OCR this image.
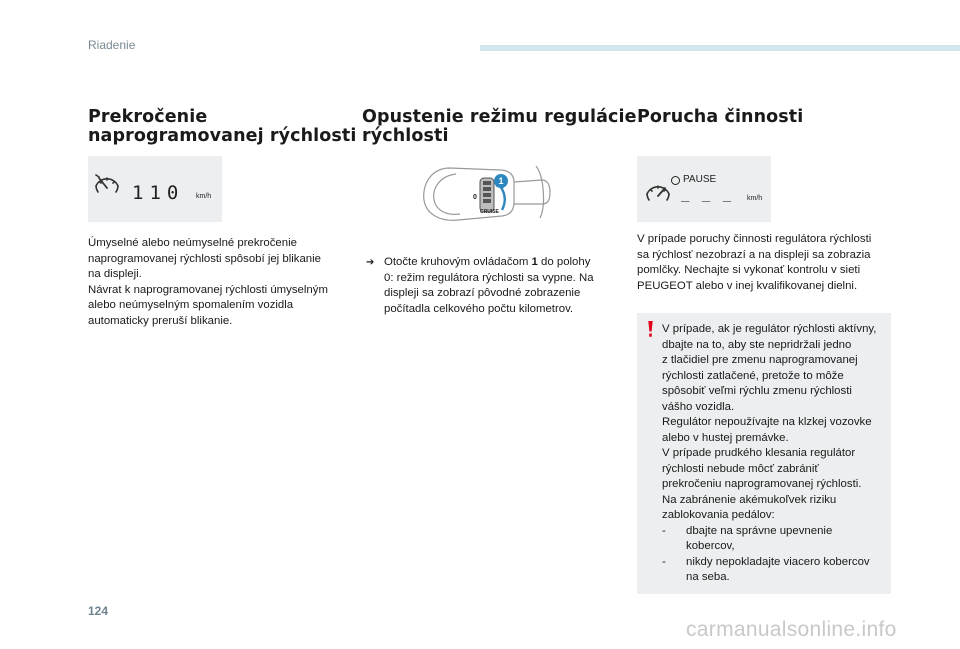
Riadenie
Prekročenie
naprogramovanej rýchlosti
110 km/h

Úmyselné alebo neúmyselné prekročenie

naprogramovanej rýchlosti spôsobí jej blikanie

na displeji.

Návrat k naprogramovanej rýchlosti úmyselným

alebo neúmyselným spomalením vozidla

automaticky preruší blikanie.

Opustenie režimu regulácie
rýchlosti
1
0
CRUISE
➔ Otočte kruhovým ovládačom 1 do polohy

0: režim regulátora rýchlosti sa vypne. Na

displeji sa zobrazí pôvodné zobrazenie

počítadla celkového počtu kilometrov.

Porucha činnosti
PAUSE
_ _ _ km/h

V prípade poruchy činnosti regulátora rýchlosti

sa rýchlosť nezobrazí a na displeji sa zobrazia

pomlčky. Nechajte si vykonať kontrolu v sieti

PEUGEOT alebo v inej kvalifikovanej dielni.

V prípade, ak je regulátor rýchlosti aktívny,

dbajte na to, aby ste nepridržali jedno

z tlačidiel pre zmenu naprogramovanej

rýchlosti zatlačené, pretože to môže

spôsobiť veľmi rýchlu zmenu rýchlosti

vášho vozidla.

Regulátor nepoužívajte na klzkej vozovke

alebo v hustej premávke.

V prípade prudkého klesania regulátor

rýchlosti nebude môcť zabrániť

prekročeniu naprogramovanej rýchlosti.

Na zabránenie akémukoľvek riziku

zablokovania pedálov:

-	dbajte na správne upevnenie

kobercov,

-	nikdy nepokladajte viacero kobercov

na seba.

124
carmanualsonline.info
